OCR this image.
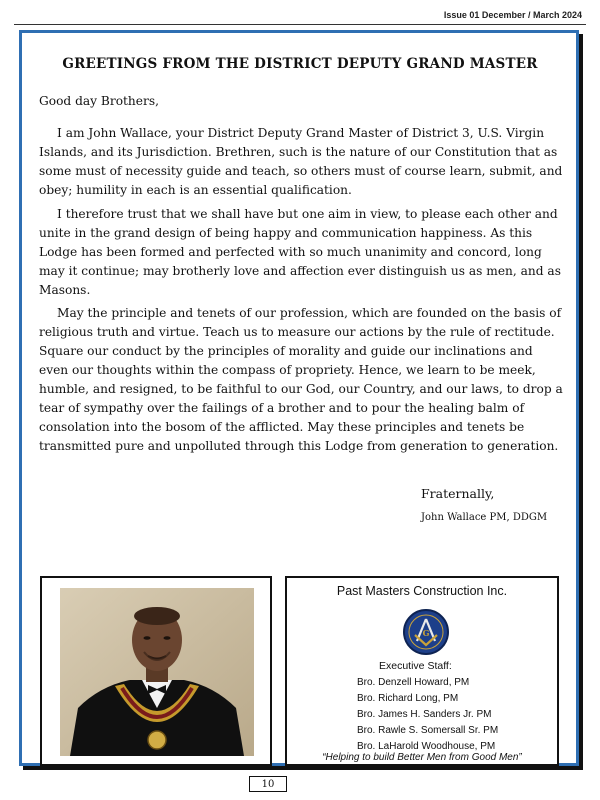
Issue 01 December / March 2024
GREETINGS FROM THE DISTRICT DEPUTY GRAND MASTER
Good day Brothers,

I am John Wallace, your District Deputy Grand Master of District 3, U.S. Virgin Islands, and its Jurisdiction. Brethren, such is the nature of our Constitution that as some must of necessity guide and teach, so others must of course learn, submit, and obey; humility in each is an essential qualification.

I therefore trust that we shall have but one aim in view, to please each other and unite in the grand design of being happy and communication happiness. As this Lodge has been formed and perfected with so much unanimity and concord, long may it continue; may brotherly love and affection ever distinguish us as men, and as Masons.

May the principle and tenets of our profession, which are founded on the basis of religious truth and virtue. Teach us to measure our actions by the rule of rectitude. Square our conduct by the principles of morality and guide our inclinations and even our thoughts within the compass of propriety. Hence, we learn to be meek, humble, and resigned, to be faithful to our God, our Country, and our laws, to drop a tear of sympathy over the failings of a brother and to pour the healing balm of consolation into the bosom of the afflicted. May these principles and tenets be transmitted pure and unpolluted through this Lodge from generation to generation.

Fraternally,
John Wallace PM, DDGM
Past Masters Construction Inc.
G
Executive Staff:
Bro. Denzell Howard, PM
Bro. Richard Long, PM
Bro. James H. Sanders Jr. PM
Bro. Rawle S. Somersall Sr. PM
Bro. LaHarold Woodhouse, PM
“Helping to build Better Men from Good Men”
10
